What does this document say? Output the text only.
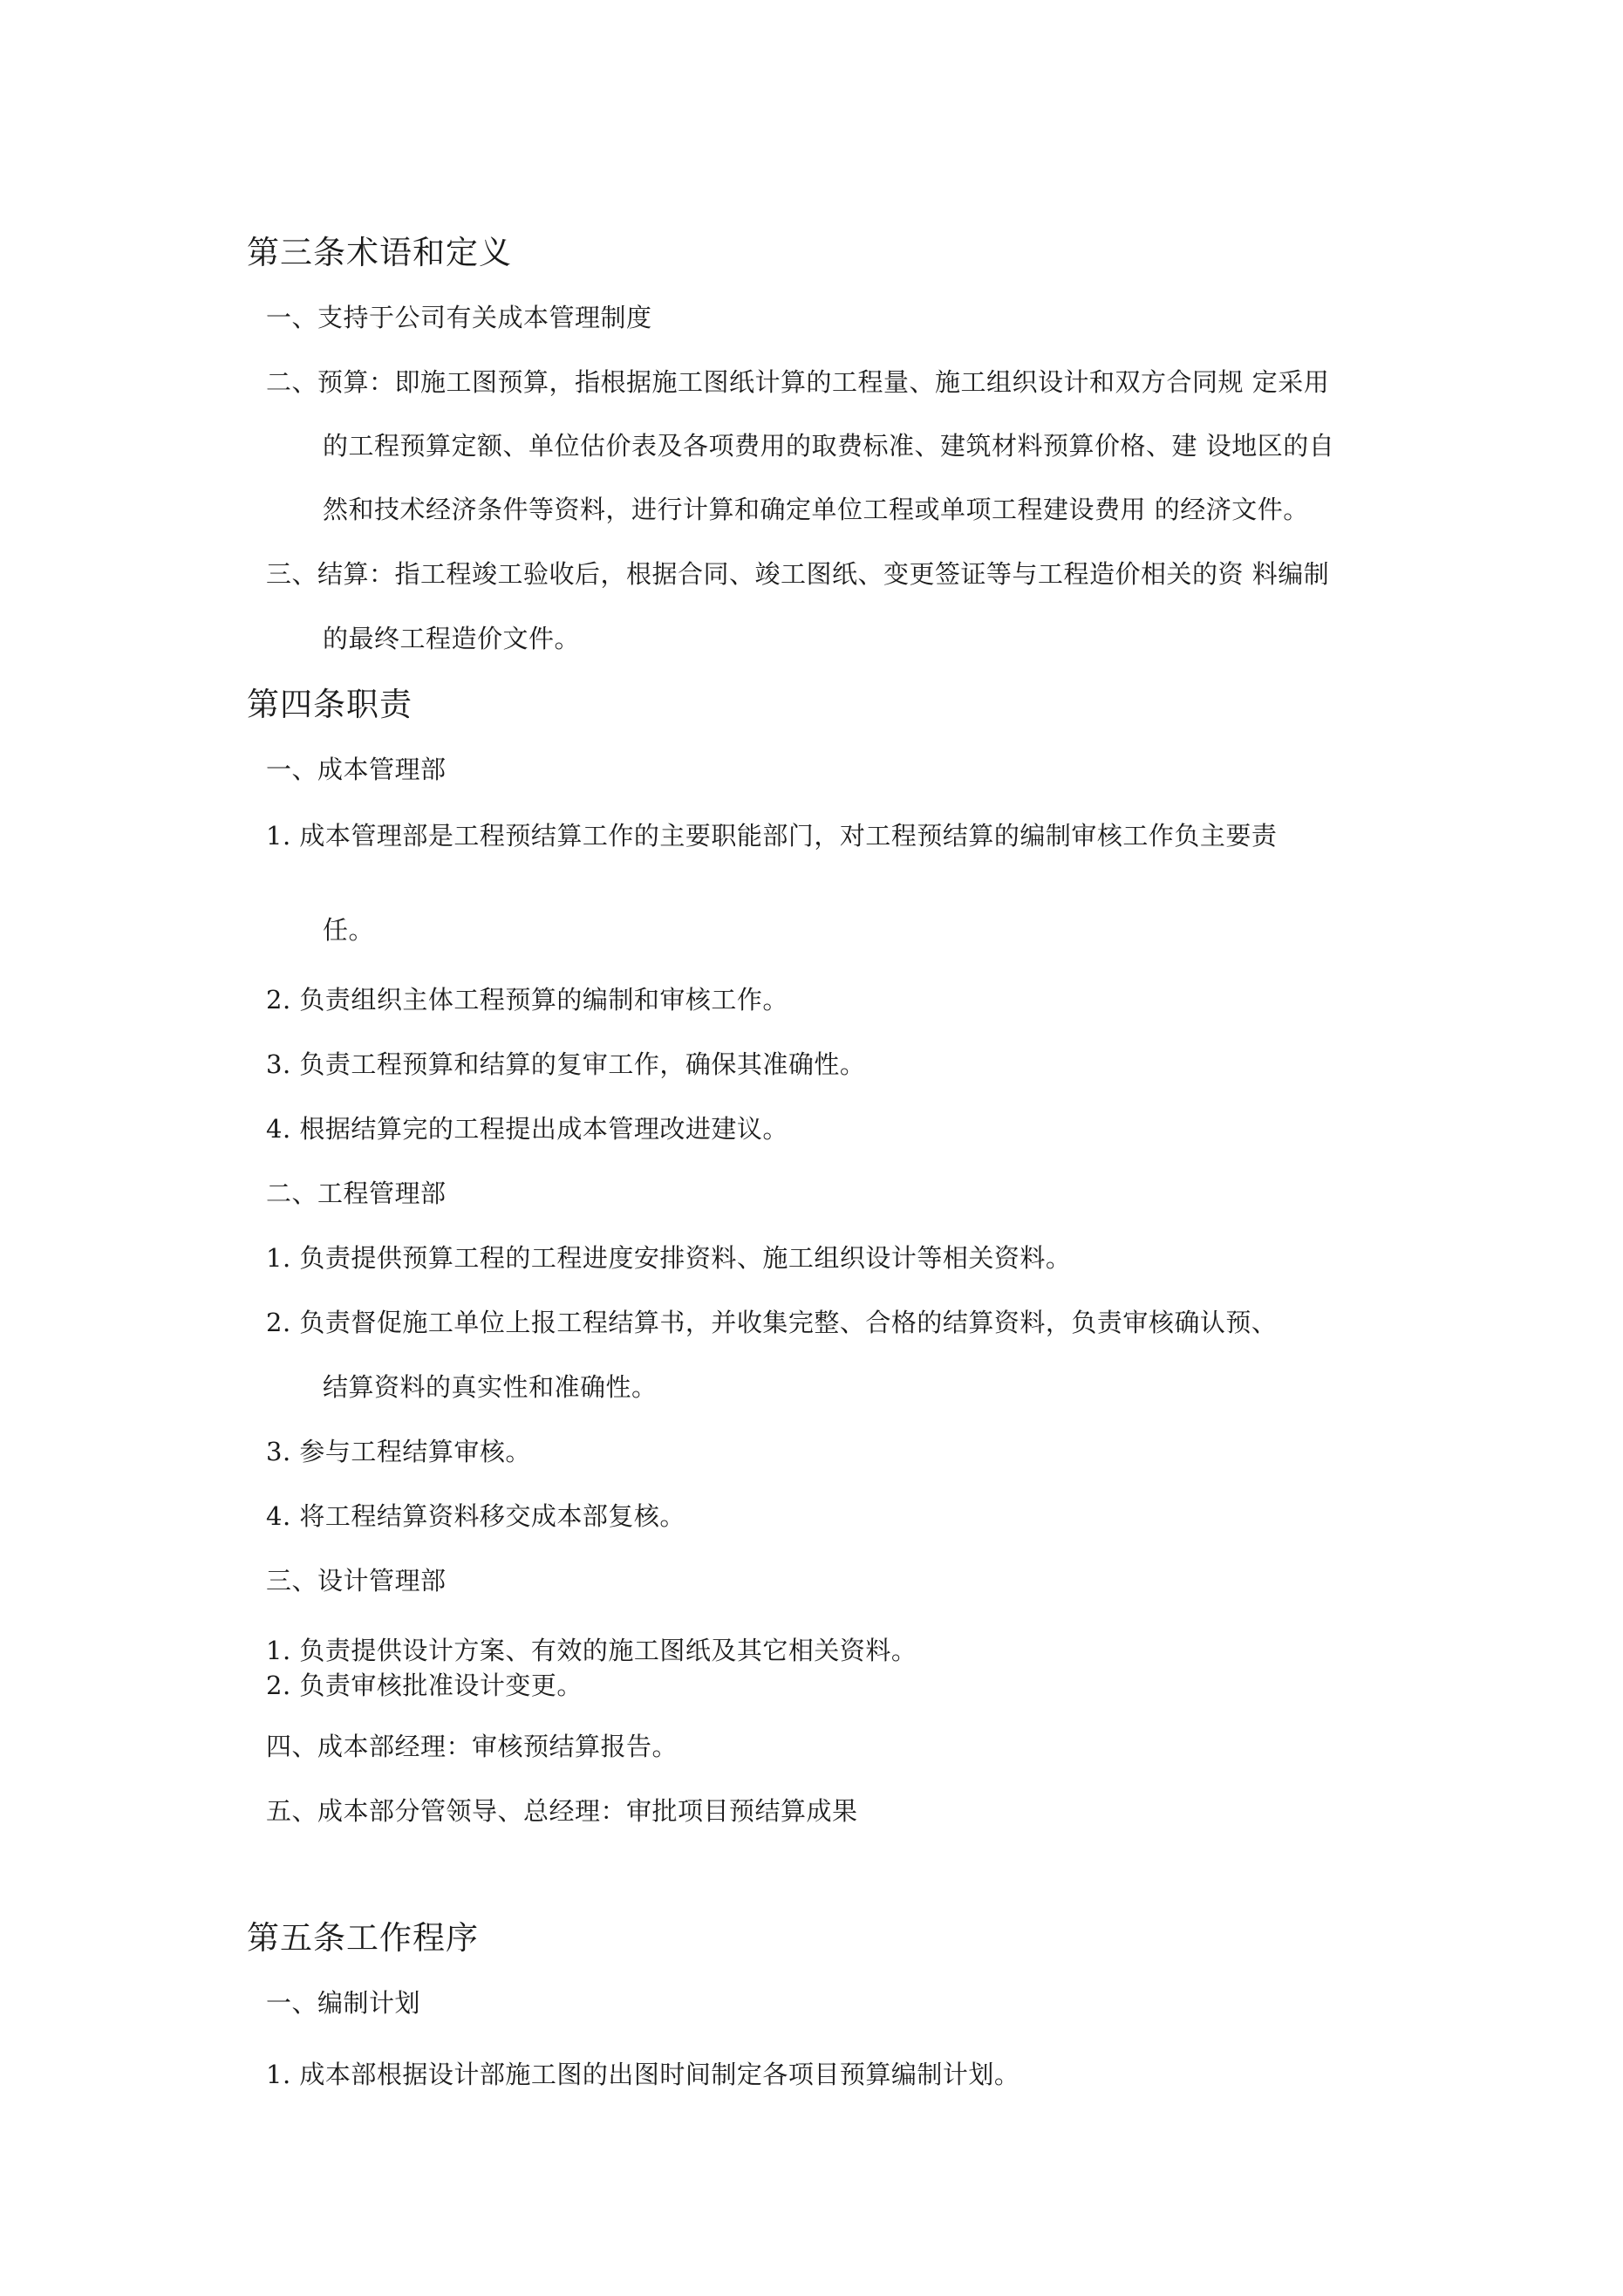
第三条术语和定义
一、支持于公司有关成本管理制度
二、预算：即施工图预算，指根据施工图纸计算的工程量、施工组织设计和双方合同规 定采用
的工程预算定额、单位估价表及各项费用的取费标准、建筑材料预算价格、建 设地区的自
然和技术经济条件等资料，进行计算和确定单位工程或单项工程建设费用 的经济文件。
三、结算：指工程竣工验收后，根据合同、竣工图纸、变更签证等与工程造价相关的资 料编制
的最终工程造价文件。
第四条职责
一、成本管理部
1. 成本管理部是工程预结算工作的主要职能部门，对工程预结算的编制审核工作负主要责
任。
2. 负责组织主体工程预算的编制和审核工作。
3. 负责工程预算和结算的复审工作，确保其准确性。
4. 根据结算完的工程提出成本管理改进建议。
二、工程管理部
1. 负责提供预算工程的工程进度安排资料、施工组织设计等相关资料。
2. 负责督促施工单位上报工程结算书，并收集完整、合格的结算资料，负责审核确认预、
结算资料的真实性和准确性。
3. 参与工程结算审核。
4. 将工程结算资料移交成本部复核。
三、设计管理部
1. 负责提供设计方案、有效的施工图纸及其它相关资料。
2. 负责审核批准设计变更。
四、成本部经理：审核预结算报告。
五、成本部分管领导、总经理：审批项目预结算成果
第五条工作程序
一、编制计划
1. 成本部根据设计部施工图的出图时间制定各项目预算编制计划。
